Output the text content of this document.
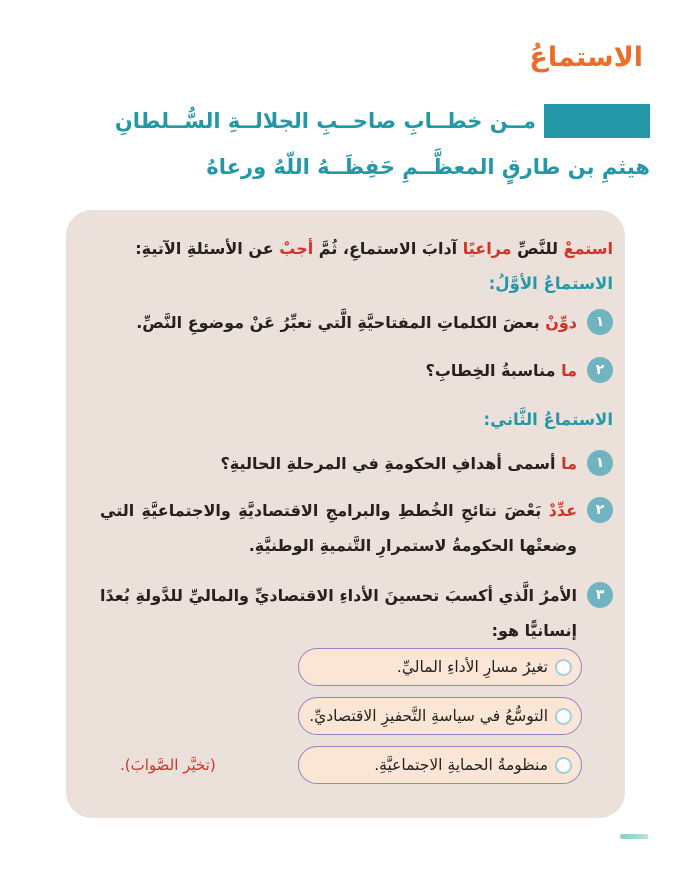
الاستماعُ
مــن خطــابِ صاحــبِ الجلالــةِ السُّــلطانِ
هيثمِ بن طارقٍ المعظَّــمِ حَفِظَــهُ اللّهُ ورعاهُ

استمعْ للنَّصِّ مراعيًا آدابَ الاستماعِ، ثُمَّ أجبْ عن الأسئلةِ الآتيةِ:

الاستماعُ الأوَّلُ:

١

دوِّنْ بعضَ الكلماتِ المفتاحيَّةِ الَّتي تعبِّرُ عَنْ موضوعِ النَّصِّ.

٢

ما مناسبةُ الخِطابِ؟

الاستماعُ الثَّاني:

١

ما أسمى أهدافِ الحكومةِ في المرحلةِ الحاليةِ؟

٢

عدِّدْ بَعْضَ نتائجِ الخُططِ والبرامجِ الاقتصاديَّةِ والاجتماعيَّةِ التي وضعتْها الحكومةُ لاستمرارِ التَّنميةِ الوطنيَّةِ.

٣

الأمرُ الَّذي أكسبَ تحسينَ الأداءِ الاقتصاديِّ والماليِّ للدَّولةِ بُعدًا إنسانيًّا هو:

تغيرُ مسارِ الأداءِ الماليِّ.
التوسُّعُ في سياسةِ التَّحفيزِ الاقتصاديِّ.
منظومةُ الحمايةِ الاجتماعيَّةِ.
(تخيَّر الصَّوابَ).
